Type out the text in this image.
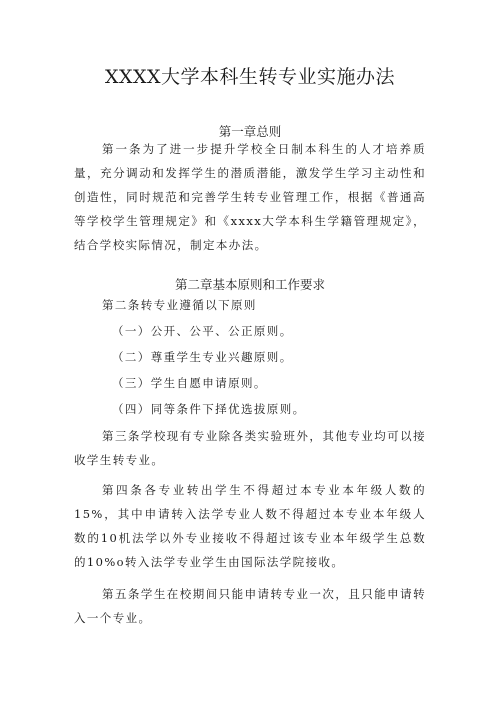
XXXX大学本科生转专业实施办法
第一章总则

第一条为了进一步提升学校全日制本科生的人才培养质量，充分调动和发挥学生的潜质潜能，激发学生学习主动性和创造性，同时规范和完善学生转专业管理工作，根据《普通高等学校学生管理规定》和《xxxx大学本科生学籍管理规定》，结合学校实际情况，制定本办法。

第二章基本原则和工作要求

第二条转专业遵循以下原则

（一）公开、公平、公正原则。

（二）尊重学生专业兴趣原则。

（三）学生自愿申请原则。

（四）同等条件下择优选拔原则。

第三条学校现有专业除各类实验班外，其他专业均可以接收学生转专业。

第四条各专业转出学生不得超过本专业本年级人数的15%，其中申请转入法学专业人数不得超过本专业本年级人数的10机法学以外专业接收不得超过该专业本年级学生总数的10%o转入法学专业学生由国际法学院接收。

第五条学生在校期间只能申请转专业一次，且只能申请转入一个专业。
